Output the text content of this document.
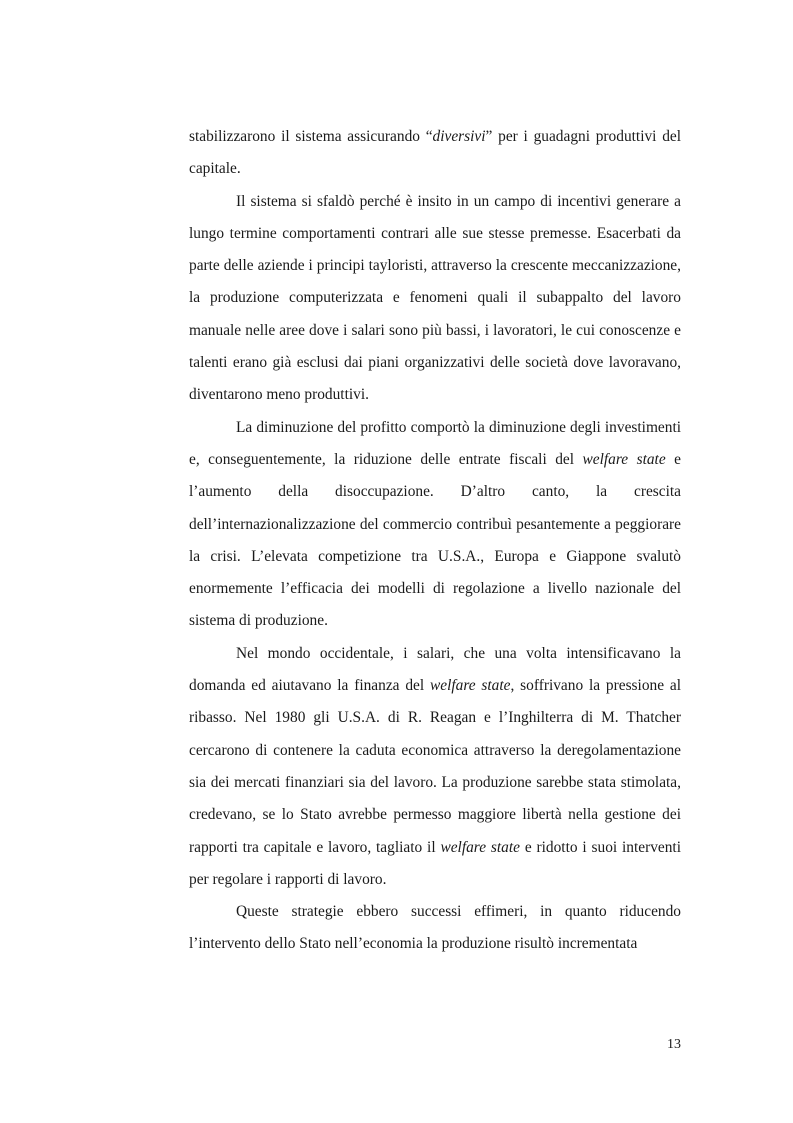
stabilizzarono il sistema assicurando “diversivi” per i guadagni produttivi del capitale.

Il sistema si sfaldò perché è insito in un campo di incentivi generare a lungo termine comportamenti contrari alle sue stesse premesse. Esacerbati da parte delle aziende i principi tayloristi, attraverso la crescente meccanizzazione, la produzione computerizzata e fenomeni quali il subappalto del lavoro manuale nelle aree dove i salari sono più bassi, i lavoratori, le cui conoscenze e talenti erano già esclusi dai piani organizzativi delle società dove lavoravano, diventarono meno produttivi.

La diminuzione del profitto comportò la diminuzione degli investimenti e, conseguentemente, la riduzione delle entrate fiscali del welfare state e l’aumento della disoccupazione. D’altro canto, la crescita dell’internazionalizzazione del commercio contribuì pesantemente a peggiorare la crisi. L’elevata competizione tra U.S.A., Europa e Giappone svalutò enormemente l’efficacia dei modelli di regolazione a livello nazionale del sistema di produzione.

Nel mondo occidentale, i salari, che una volta intensificavano la domanda ed aiutavano la finanza del welfare state, soffrivano la pressione al ribasso. Nel 1980 gli U.S.A. di R. Reagan e l’Inghilterra di M. Thatcher cercarono di contenere la caduta economica attraverso la deregolamentazione sia dei mercati finanziari sia del lavoro. La produzione sarebbe stata stimolata, credevano, se lo Stato avrebbe permesso maggiore libertà nella gestione dei rapporti tra capitale e lavoro, tagliato il welfare state e ridotto i suoi interventi per regolare i rapporti di lavoro.

Queste strategie ebbero successi effimeri, in quanto riducendo l’intervento dello Stato nell’economia la produzione risultò incrementata

13
